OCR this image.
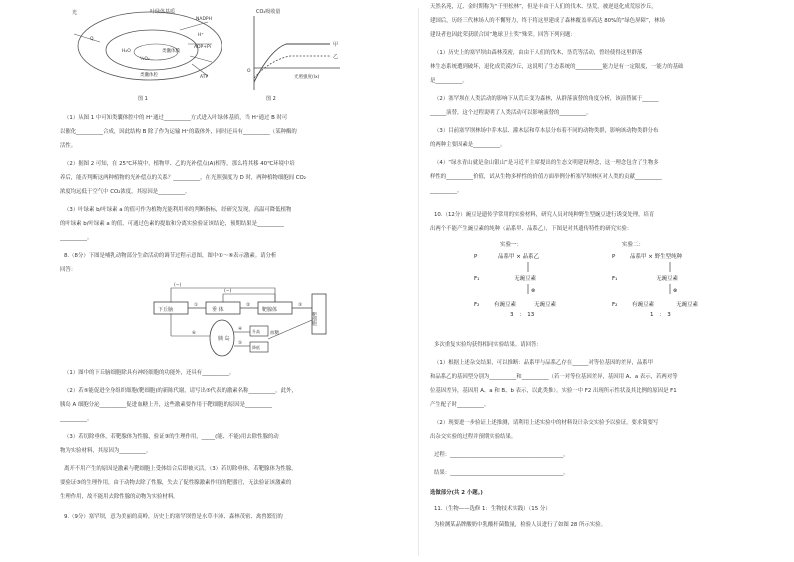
光	叶绿体基质
NADPH
H⁺
ADP+Pi
ATP
Q
H₂O
½O₂
类囊体膜
类囊体腔
图 1
CO₂吸收量
O
甲
乙
光照强度(lx)
图 2
（1）从图 1 中可知类囊体腔中的 H⁺通过__________方式进入叶绿体基质，当 H⁺通过 B 时可
以催化__________合成，因此结构 B 除了作为运输 H⁺的载体外，同时还具有__________（某种酶的
活性。
（2）据图 2 可知，在 25℃环境中，植物甲、乙的光补偿点(A)相等，那么将其移 40℃环境中培
养后，能否判断这两种植物的光补偿点的关系？__________，在光照强度为 D 时，两种植物细胞间 CO₂
浓度均远低于空气中 CO₂浓度，其原因是__________。
（3）叶绿素 b/叶绿素 a 的值可作为植物光能利用率的判断指标，经研究发现，高温可降低植物
的叶绿素 b/叶绿素 a 的值，可通过色素的提取和分离实验验证该结论，预期结果是__________
__________。
8.（8分）下图是哺乳动物部分生命活动的调节过程示意图，图中①～⑥表示激素。请分析
回答：
(−)
(−)
下丘脑	垂 体	靶腺体
靶细胞
①	②	③
④
⑤
⑥
胰 岛
血糖
升高
降低
（1）图中的下丘脑细胞除具有神经细胞的功能外，还具有__________。
（2）若⑤能促进全身组织细胞(靶细胞)的新陈代谢，请写出⑤代表的激素名称__________。此外，
胰岛 A 细胞分泌__________促进血糖上升，这些激素要作用于靶细胞的原因是__________
__________。
（3）若切除垂体，若靶腺体为性腺，验证③的生理作用，_____(能、不能)用去除性腺的动
物为实验材料，其原因为__________。
离开不用产生的原因是激素与靶细胞上受体结合后即被灭活，（3）若切除垂体，若靶腺体为性腺，
要验证③的生理作用，由于动物去除了性腺，失去了促性腺激素作用的靶器官，无法验证该激素的
生理作用，故不能用去除性腺的动物为实验材料。
9.（9分）塞罕坝，意为美丽的高岭，历史上的塞罕坝曾是水草丰沛、森林茂密、禽兽繁衍的
天然名苑，辽、金时期称为“千里松林”，但是丰由于人们的伐木、垦荒，被逆退化成荒原沙丘，
建国后，历经三代林场人的不懈努力，终于将这里建成了森林覆盖率高达 80%的“绿色屏障”，林场
建设者也因此荣获联合国“地球卫士奖”殊荣。回答下列问题：
（1）历史上的塞罕坝由森林茂密，由由于人们的伐木、垦荒等活动，曾经使得这里群落
林生态系统遭到破坏，退化成荒漠沙丘，这说明了生态系统的__________能力是有一定限度，一能力的基础
是__________。
（2）塞罕坝在人类活动的影响下从荒丘变为森林，从群落演替的角度分析，该演替属于______
______演替，这个过程说明了人类活动可以影响演替的__________。
（3）目前塞罕坝林场中乔木层、灌木层和草本层分布着不同的动物类群，影响该动物类群分布
的两种主要因素是__________。
（4）“绿水青山就是金山银山”是习近平主席提出的生态文明建设理念，这一理念包含了生物多
样性的__________价值，试从生物多样性的价值方面举例分析塞罕坝林区对人类的贡献__________
__________。
10.（12分）豌豆是遗传学常用的实验材料，研究人员对纯种野生型豌豆进行诱变处理，培育
出两个不能产生豌豆素的纯种（品系甲、品系乙），下图是对其遗传特性的研究实验：
实验一：
P	品系甲 × 品系乙
F₁	无豌豆素
⊗
F₂	有豌豆素	无豌豆素
3　：　13
实验二：
P	品系甲 × 野生型纯种
F₁	无豌豆素
⊗
F₂	有豌豆素	无豌豆素
1　：　3
多次重复实验均获得相同实验结果。请回答：
（1）根据上述杂交结果，可以推断：品系甲与品系乙存在______对等位基因的差异，品系甲
和品系乙的基因型分别为__________和__________（若一对等位基因差异，基因用 A、a 表示，若两对等
位基因差异，基因用 A、a 和 B、b 表示，以此类推）。实验一中 F2 出现所示性状及其比例的原因是 F1
产生配子时__________。
（2）现要进一步验证上述推测，请利用上述实验中的材料设计杂交实验予以验证，要求简要写
出杂交实验的过程并预期实验结果。
过程：__________________________________________。
结果：__________________________________________。
选做部分(共 2 小题。)
11.（生物——选修 1：生物技术实践）（15 分）
为检测某品牌酸奶中乳酸杆菌数量，检验人员进行了如图 28 所示实验。
